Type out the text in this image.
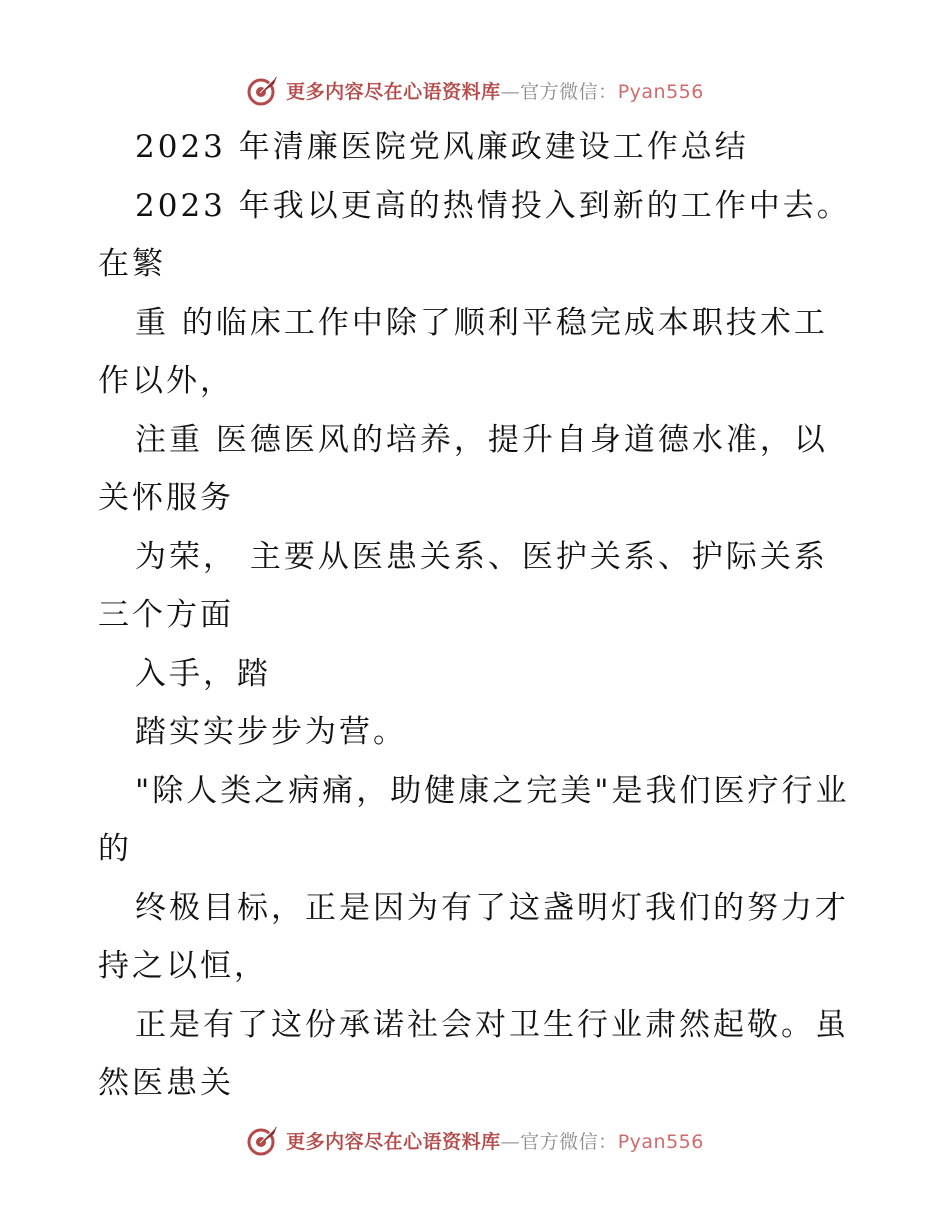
更多内容尽在心语资料库—官方微信：Pyan556
2023 年清廉医院党风廉政建设工作总结
2023 年我以更高的热情投入到新的工作中去。
在繁
重 的临床工作中除了顺利平稳完成本职技术工
作以外，
注重 医德医风的培养，提升自身道德水准，以
关怀服务
为荣， 主要从医患关系、医护关系、护际关系
三个方面
入手，踏
踏实实步步为营。
"除人类之病痛，助健康之完美"是我们医疗行业
的
终极目标，正是因为有了这盏明灯我们的努力才
持之以恒，
正是有了这份承诺社会对卫生行业肃然起敬。虽
然医患关
更多内容尽在心语资料库—官方微信：Pyan556
